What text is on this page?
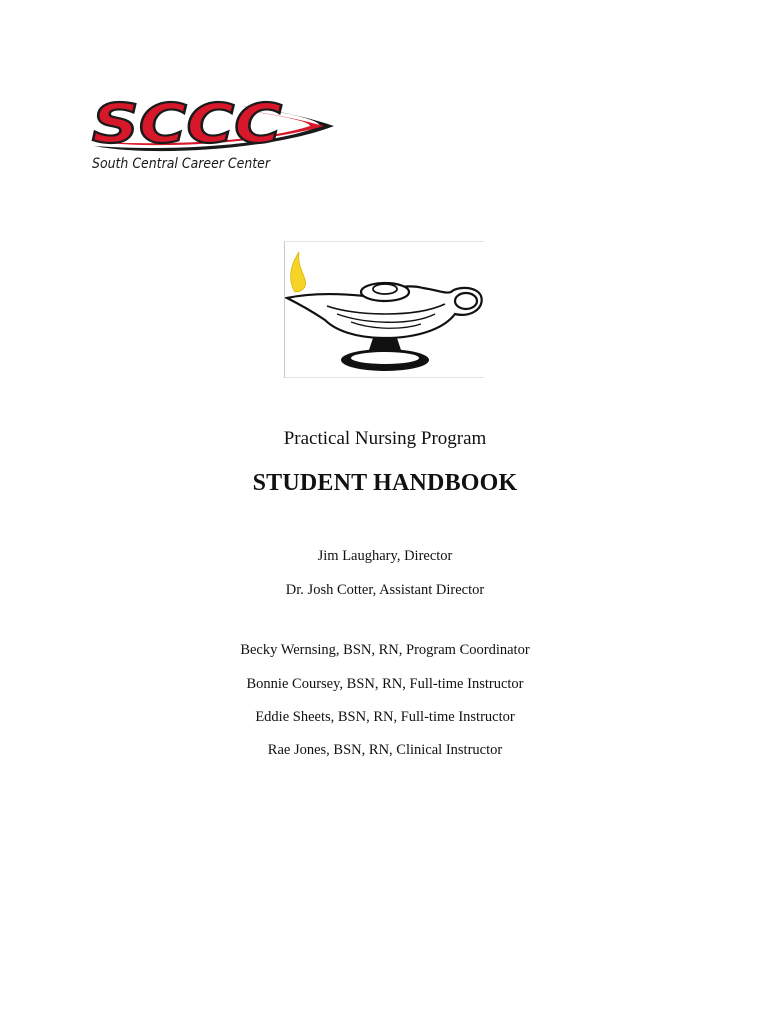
SCCC
South Central Career Center
Practical Nursing Program
STUDENT HANDBOOK
Jim Laughary, Director
Dr. Josh Cotter, Assistant Director
Becky Wernsing, BSN, RN, Program Coordinator
Bonnie Coursey, BSN, RN, Full-time Instructor
Eddie Sheets, BSN, RN, Full-time Instructor
Rae Jones, BSN, RN, Clinical Instructor
